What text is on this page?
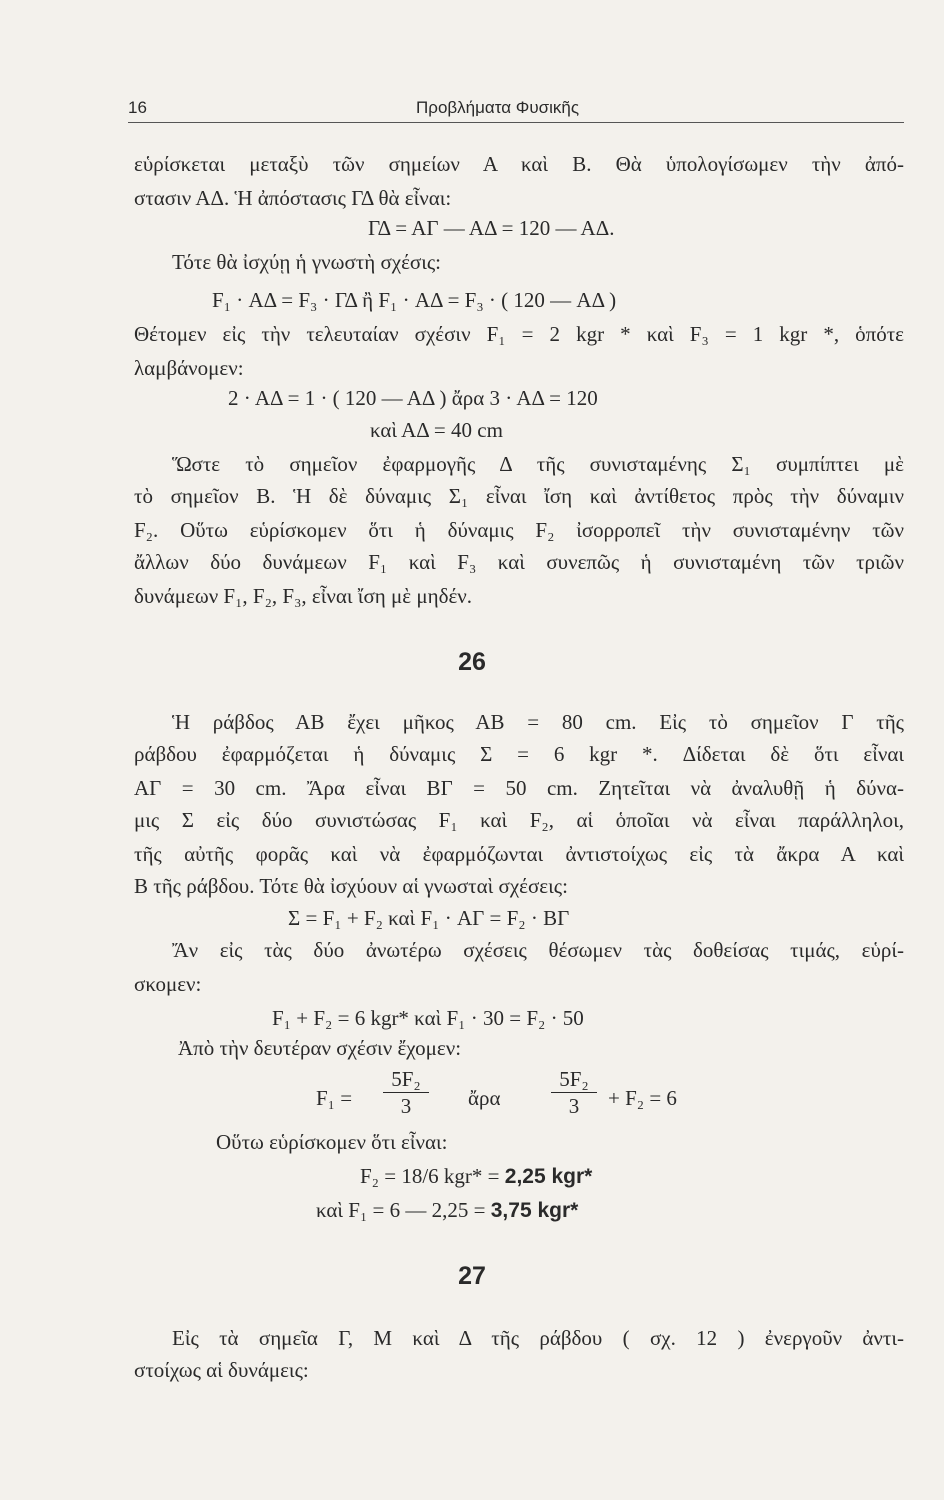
16	Προβλήματα Φυσικῆς
εὑρίσκεται μεταξὺ τῶν σημείων Α καὶ Β. Θὰ ὑπολογίσωμεν τὴν ἀπό-
στασιν ΑΔ. Ἡ ἀπόστασις ΓΔ θὰ εἶναι:
ΓΔ = ΑΓ — ΑΔ = 120 — ΑΔ.
Τότε θὰ ἰσχύῃ ἡ γνωστὴ σχέσις:
F₁ · ΑΔ = F₃ · ΓΔ ἢ F₁ · ΑΔ = F₃ · ( 120 — ΑΔ )
Θέτομεν εἰς τὴν τελευταίαν σχέσιν F₁ = 2 kgr * καὶ F₃ = 1 kgr *, ὁπότε
λαμβάνομεν:
2 · ΑΔ = 1 · ( 120 — ΑΔ ) ἄρα 3 · ΑΔ = 120
καὶ ΑΔ = 40 cm
Ὥστε τὸ σημεῖον ἐφαρμογῆς Δ τῆς συνισταμένης Σ₁ συμπίπτει μὲ
τὸ σημεῖον Β. Ἡ δὲ δύναμις Σ₁ εἶναι ἴση καὶ ἀντίθετος πρὸς τὴν δύναμιν
F₂. Οὕτω εὑρίσκομεν ὅτι ἡ δύναμις F₂ ἰσορροπεῖ τὴν συνισταμένην τῶν
ἄλλων δύο δυνάμεων F₁ καὶ F₃ καὶ συνεπῶς ἡ συνισταμένη τῶν τριῶν
δυνάμεων F₁, F₂, F₃, εἶναι ἴση μὲ μηδέν.
26
Ἡ ράβδος ΑΒ ἔχει μῆκος ΑΒ = 80 cm. Εἰς τὸ σημεῖον Γ τῆς
ράβδου ἐφαρμόζεται ἡ δύναμις Σ = 6 kgr *. Δίδεται δὲ ὅτι εἶναι
ΑΓ = 30 cm. Ἄρα εἶναι ΒΓ = 50 cm. Ζητεῖται νὰ ἀναλυθῇ ἡ δύνα-
μις Σ εἰς δύο συνιστώσας F₁ καὶ F₂, αἱ ὁποῖαι νὰ εἶναι παράλληλοι,
τῆς αὐτῆς φορᾶς καὶ νὰ ἐφαρμόζωνται ἀντιστοίχως εἰς τὰ ἄκρα Α καὶ
Β τῆς ράβδου. Τότε θὰ ἰσχύουν αἱ γνωσταὶ σχέσεις:
Σ = F₁ + F₂ καὶ F₁ · ΑΓ = F₂ · ΒΓ
Ἄν εἰς τὰς δύο ἀνωτέρω σχέσεις θέσωμεν τὰς δοθείσας τιμάς, εὑρί-
σκομεν:
F₁ + F₂ = 6 kgr* καὶ F₁ · 30 = F₂ · 50
Ἀπὸ τὴν δευτέραν σχέσιν ἔχομεν:
F₁ =
5F₂
3	ἄρα
5F₂
3	+ F₂ = 6
Οὕτω εὑρίσκομεν ὅτι εἶναι:
F₂ = 18/6 kgr* = 2,25 kgr*
καὶ F₁ = 6 — 2,25 = 3,75 kgr*
27
Εἰς τὰ σημεῖα Γ, Μ καὶ Δ τῆς ράβδου ( σχ. 12 ) ἐνεργοῦν ἀντι-
στοίχως αἱ δυνάμεις:
